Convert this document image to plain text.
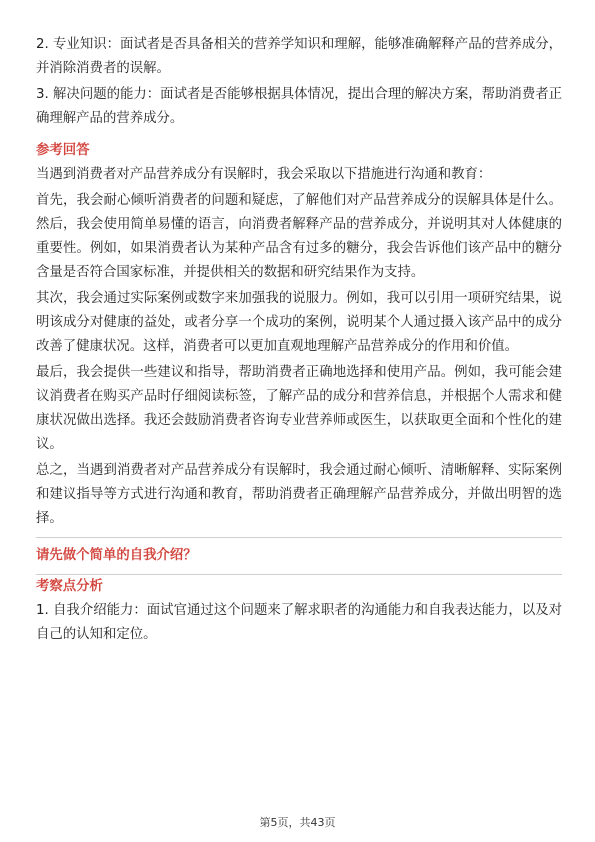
2. 专业知识：面试者是否具备相关的营养学知识和理解，能够准确解释产品的营养成分，并消除消费者的误解。

3. 解决问题的能力：面试者是否能够根据具体情况，提出合理的解决方案，帮助消费者正确理解产品的营养成分。

参考回答

当遇到消费者对产品营养成分有误解时，我会采取以下措施进行沟通和教育：

首先，我会耐心倾听消费者的问题和疑虑，了解他们对产品营养成分的误解具体是什么。然后，我会使用简单易懂的语言，向消费者解释产品的营养成分，并说明其对人体健康的重要性。例如，如果消费者认为某种产品含有过多的糖分，我会告诉他们该产品中的糖分含量是否符合国家标准，并提供相关的数据和研究结果作为支持。

其次，我会通过实际案例或数字来加强我的说服力。例如，我可以引用一项研究结果，说明该成分对健康的益处，或者分享一个成功的案例，说明某个人通过摄入该产品中的成分改善了健康状况。这样，消费者可以更加直观地理解产品营养成分的作用和价值。

最后，我会提供一些建议和指导，帮助消费者正确地选择和使用产品。例如，我可能会建议消费者在购买产品时仔细阅读标签，了解产品的成分和营养信息，并根据个人需求和健康状况做出选择。我还会鼓励消费者咨询专业营养师或医生，以获取更全面和个性化的建议。

总之，当遇到消费者对产品营养成分有误解时，我会通过耐心倾听、清晰解释、实际案例和建议指导等方式进行沟通和教育，帮助消费者正确理解产品营养成分，并做出明智的选择。

请先做个简单的自我介绍？

考察点分析

1. 自我介绍能力：面试官通过这个问题来了解求职者的沟通能力和自我表达能力，以及对自己的认知和定位。

第5页，共43页
